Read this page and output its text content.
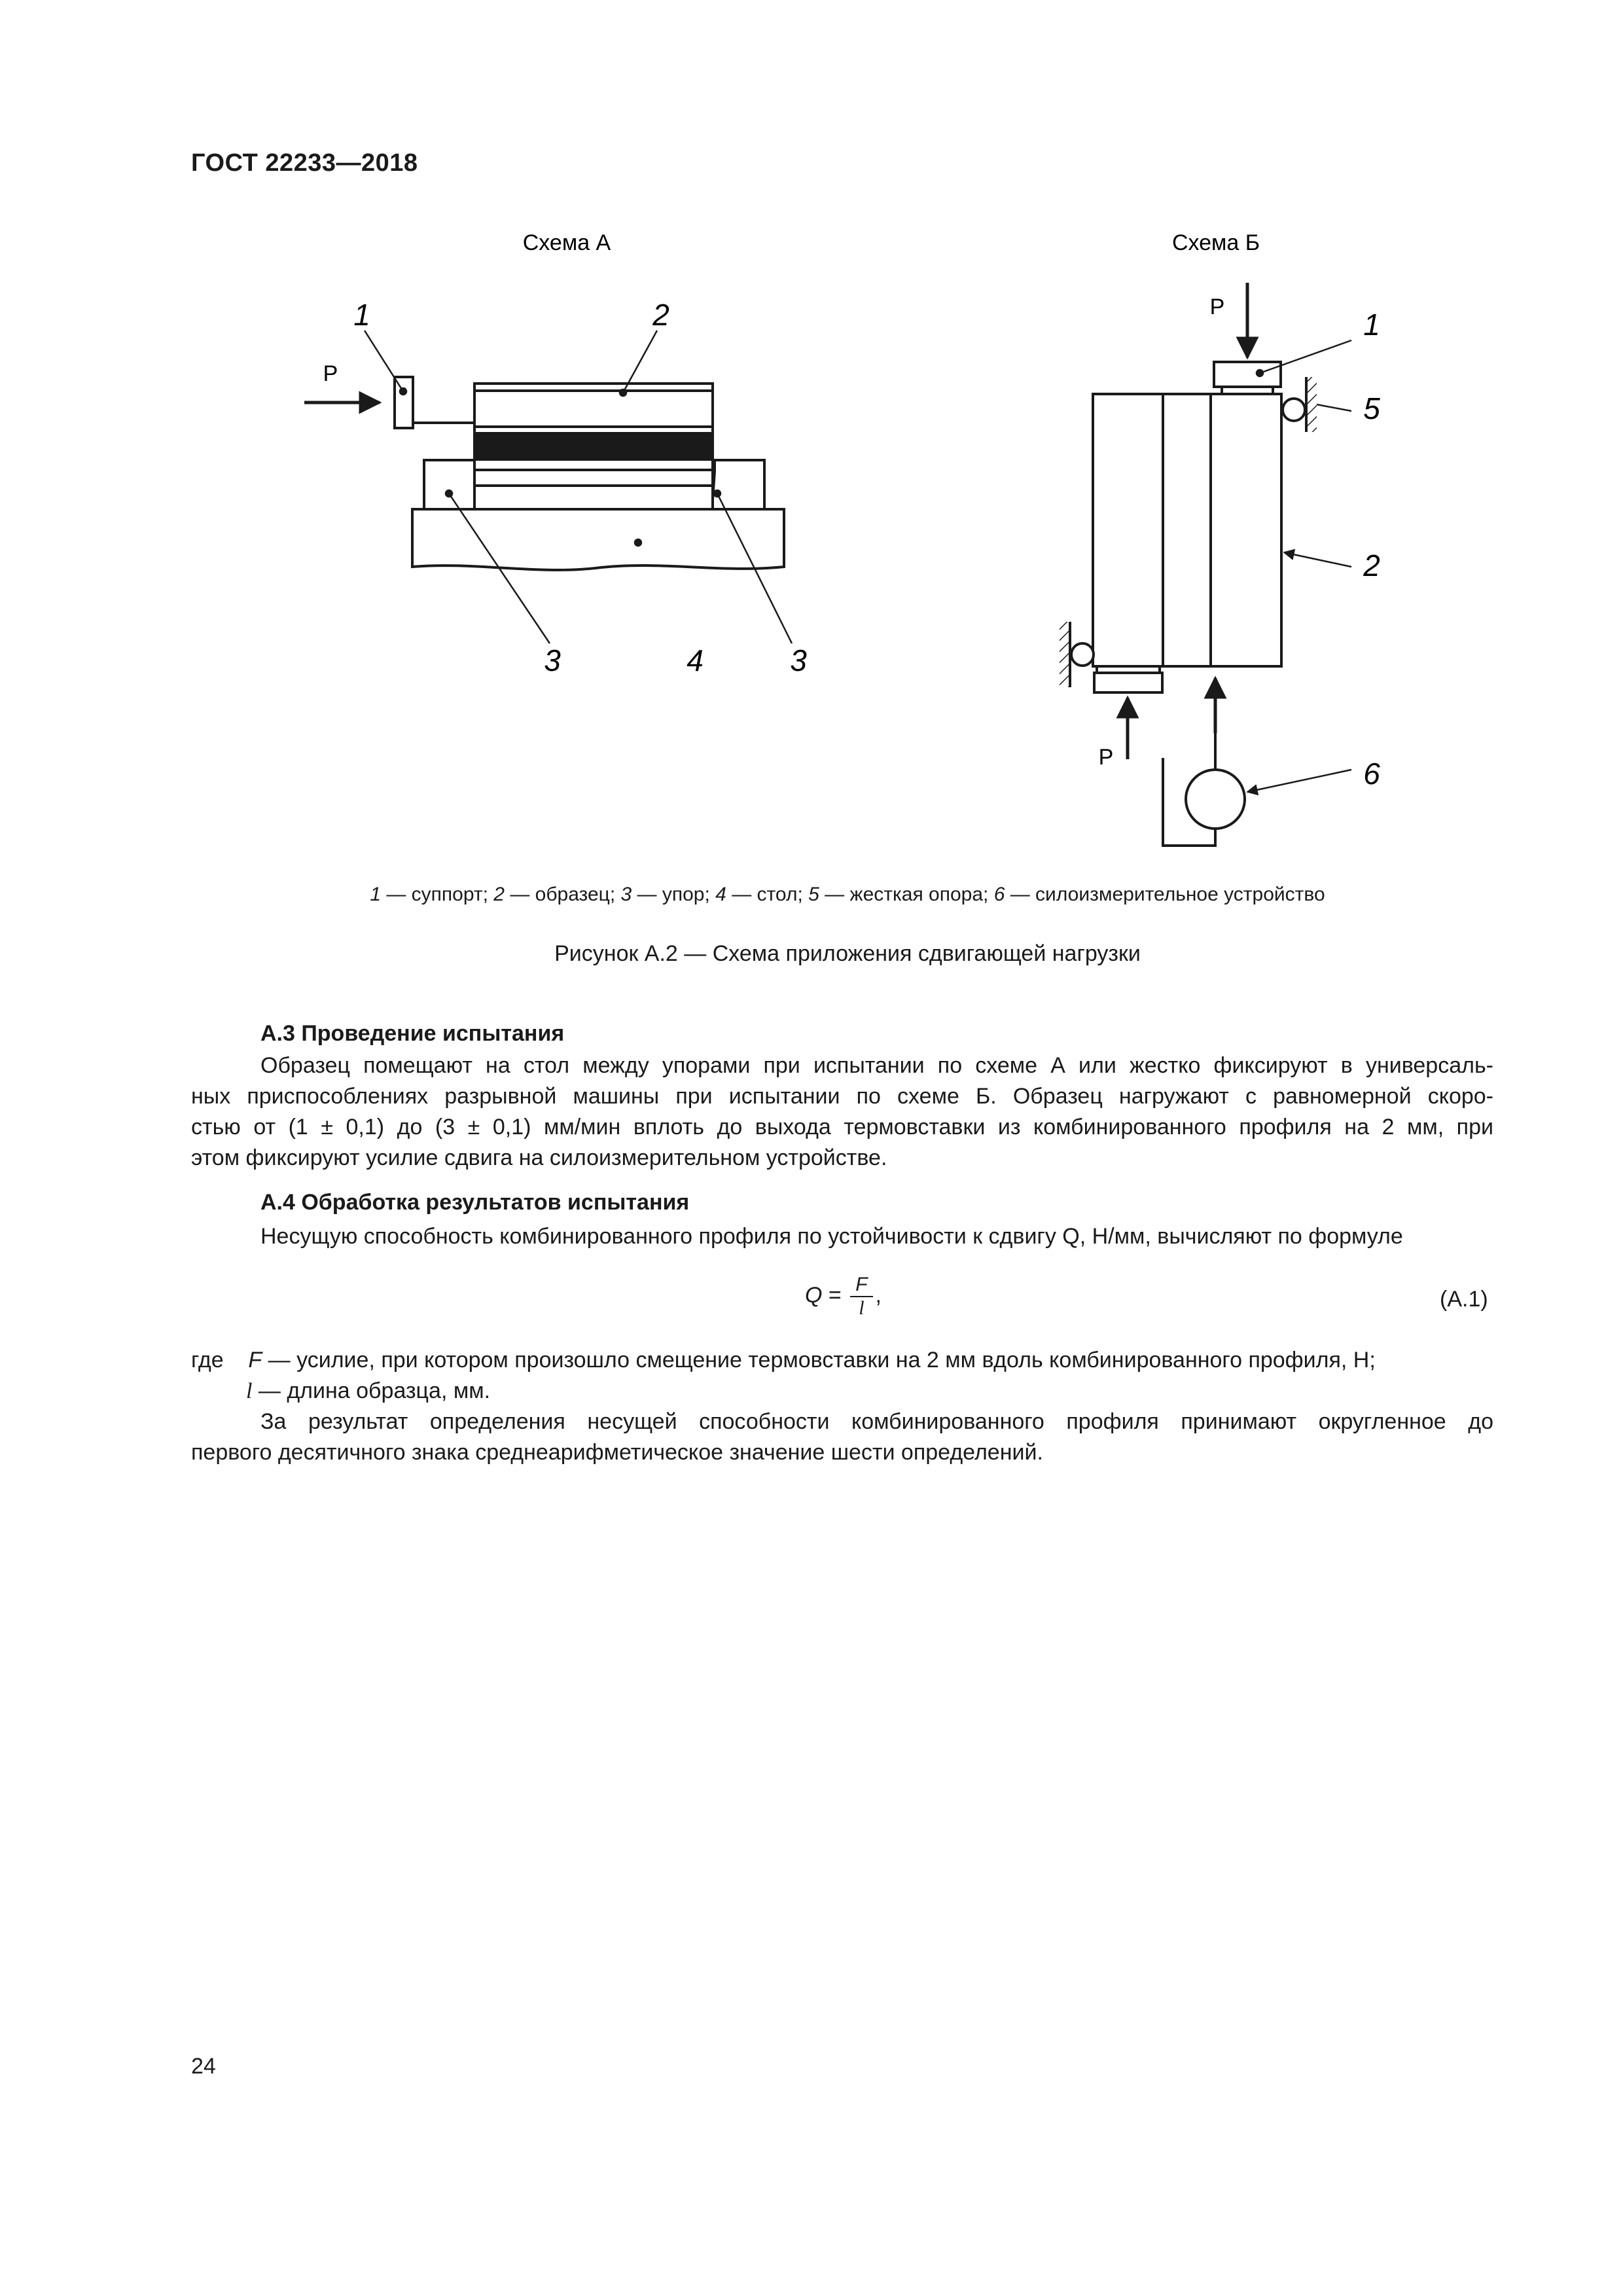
ГОСТ 22233—2018
Схема А
P
1	2
3	4	3
Схема Б
P
P
1
5
2
6
1 — суппорт; 2 — образец; 3 — упор; 4 — стол; 5 — жесткая опора; 6 — силоизмерительное устройство
Рисунок А.2 — Схема приложения сдвигающей нагрузки
А.3 Проведение испытания
Образец помещают на стол между упорами при испытании по схеме А или жестко фиксируют в универсаль-
ных приспособлениях разрывной машины при испытании по схеме Б. Образец нагружают с равномерной скоро-
стью от (1 ± 0,1) до (3 ± 0,1) мм/мин вплоть до выхода термовставки из комбинированного профиля на 2 мм, при
этом фиксируют усилие сдвига на силоизмерительном устройстве.
А.4 Обработка результатов испытания
Несущую способность комбинированного профиля по устойчивости к сдвигу Q, Н/мм, вычисляют по формуле
$Q = \frac{F}{l}$ ,	(А.1)
где F — усилие, при котором произошло смещение термовставки на 2 мм вдоль комбинированного профиля, Н;
l — длина образца, мм.
За результат определения несущей способности комбинированного профиля принимают округленное до
первого десятичного знака среднеарифметическое значение шести определений.
24
